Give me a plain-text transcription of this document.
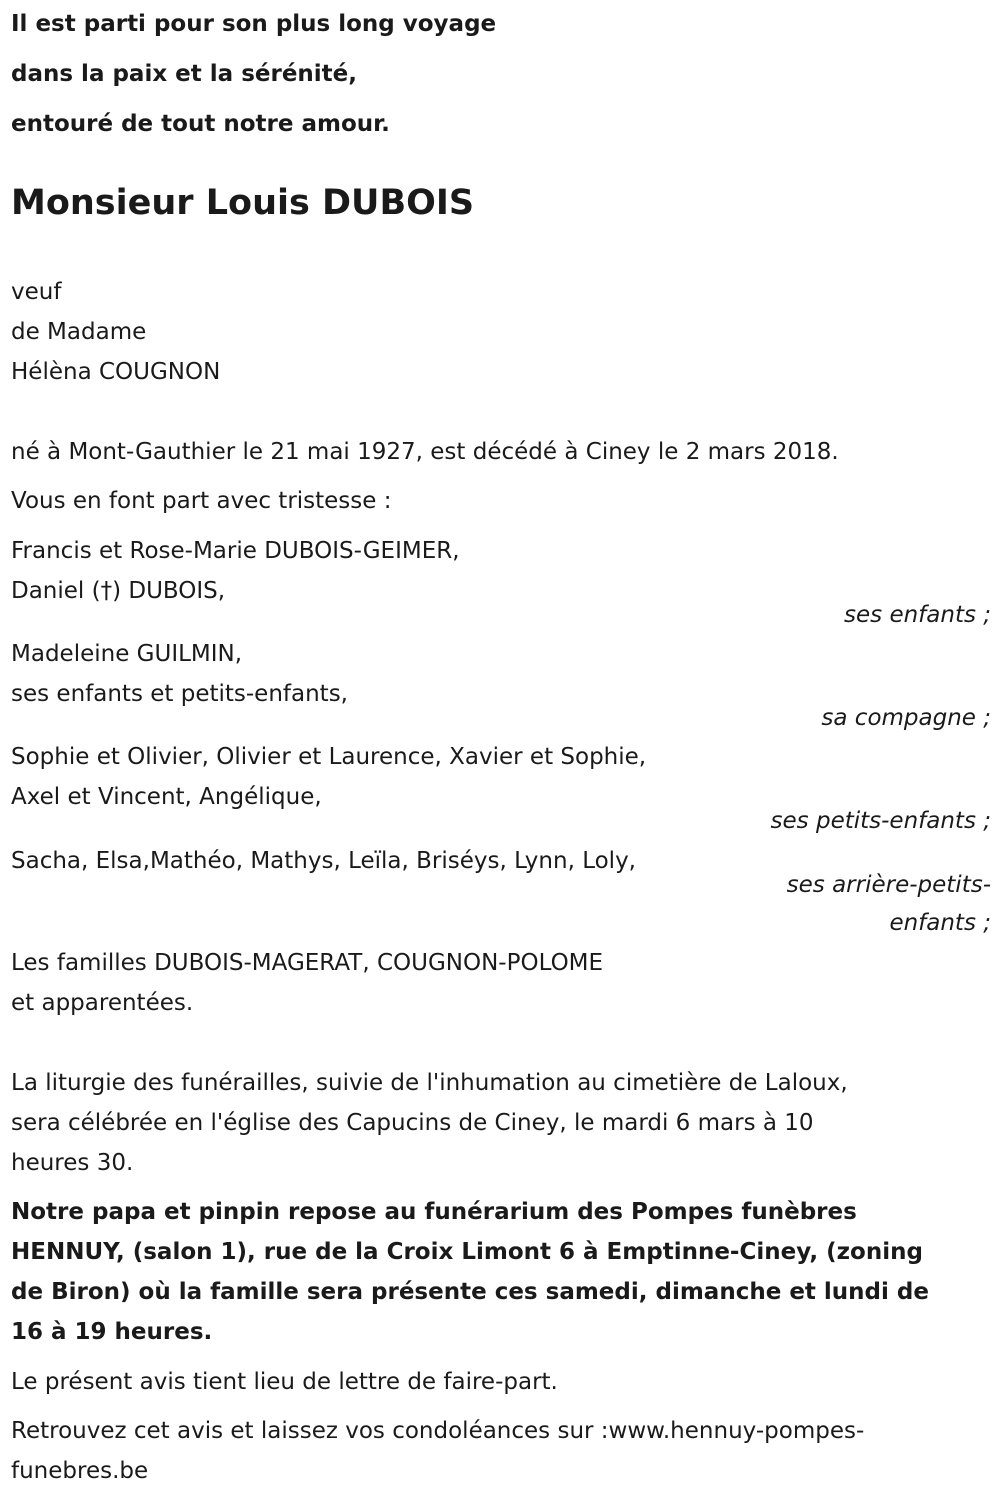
Il est parti pour son plus long voyage
dans la paix et la sérénité,
entouré de tout notre amour.
Monsieur Louis DUBOIS
veuf
de Madame
Hélèna COUGNON
né à Mont-Gauthier le 21 mai 1927, est décédé à Ciney le 2 mars 2018.
Vous en font part avec tristesse :
Francis et Rose-Marie DUBOIS-GEIMER,
Daniel (†) DUBOIS,
ses enfants ;
Madeleine GUILMIN,
ses enfants et petits-enfants,
sa compagne ;
Sophie et Olivier, Olivier et Laurence, Xavier et Sophie,
Axel et Vincent, Angélique,
ses petits-enfants ;
Sacha, Elsa,Mathéo, Mathys, Leïla, Briséys, Lynn, Loly,
ses arrière-petits-
enfants ;
Les familles DUBOIS-MAGERAT, COUGNON-POLOME
et apparentées.
La liturgie des funérailles, suivie de l'inhumation au cimetière de Laloux,
sera célébrée en l'église des Capucins de Ciney, le mardi 6 mars à 10
heures 30.
Notre papa et pinpin repose au funérarium des Pompes funèbres
HENNUY, (salon 1), rue de la Croix Limont 6 à Emptinne-Ciney, (zoning
de Biron) où la famille sera présente ces samedi, dimanche et lundi de
16 à 19 heures.
Le présent avis tient lieu de lettre de faire-part.
Retrouvez cet avis et laissez vos condoléances sur :www.hennuy-pompes-
funebres.be
